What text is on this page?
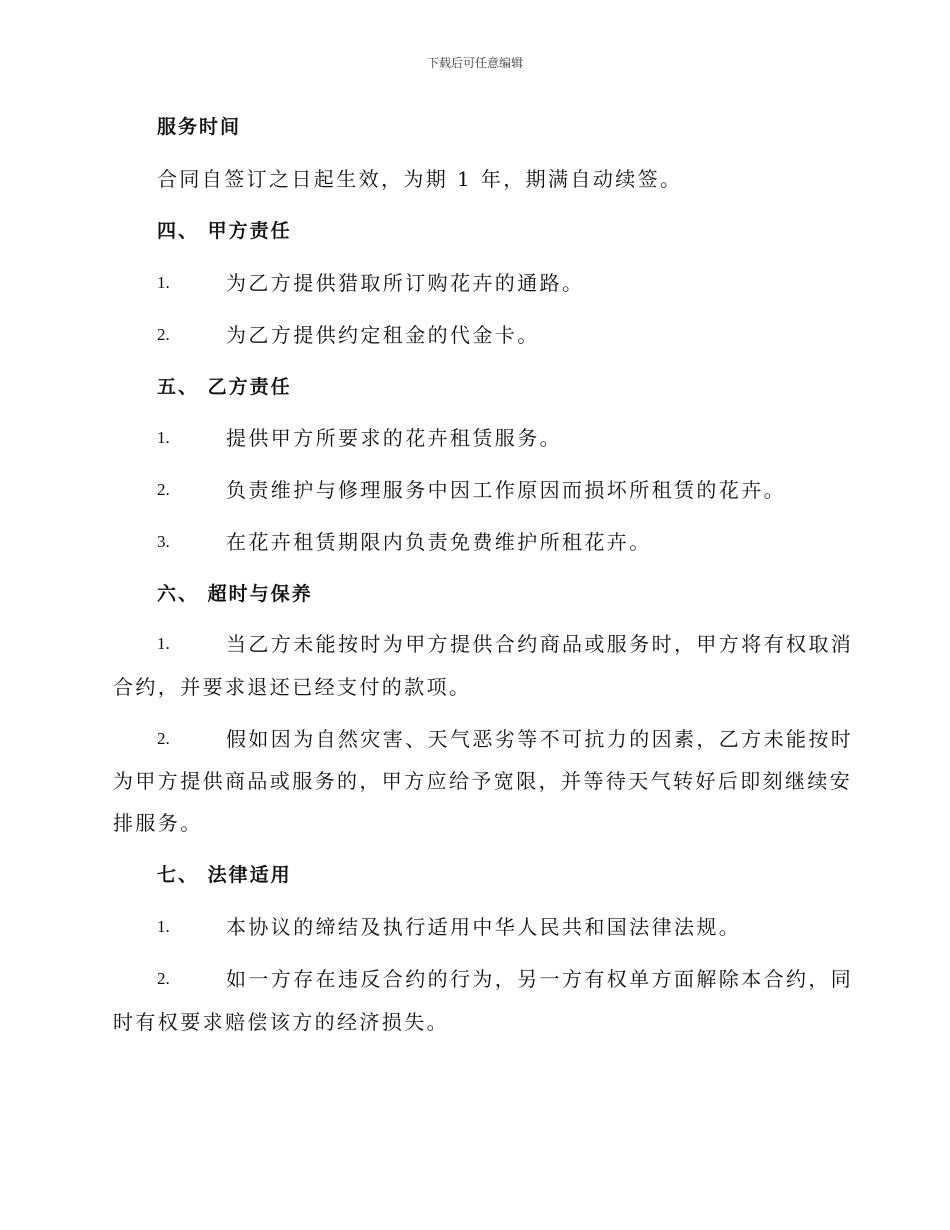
下载后可任意编辑
服务时间
合同自签订之日起生效，为期 1 年，期满自动续签。
四、 甲方责任
1.	为乙方提供猎取所订购花卉的通路。
2.	为乙方提供约定租金的代金卡。
五、 乙方责任
1.	提供甲方所要求的花卉租赁服务。
2.	负责维护与修理服务中因工作原因而损坏所租赁的花卉。
3.	在花卉租赁期限内负责免费维护所租花卉。
六、 超时与保养
1.	当乙方未能按时为甲方提供合约商品或服务时，甲方将有权取消
合约，并要求退还已经支付的款项。
2.	假如因为自然灾害、天气恶劣等不可抗力的因素，乙方未能按时
为甲方提供商品或服务的，甲方应给予宽限，并等待天气转好后即刻继续安
排服务。
七、 法律适用
1.	本协议的缔结及执行适用中华人民共和国法律法规。
2.	如一方存在违反合约的行为，另一方有权单方面解除本合约，同
时有权要求赔偿该方的经济损失。
